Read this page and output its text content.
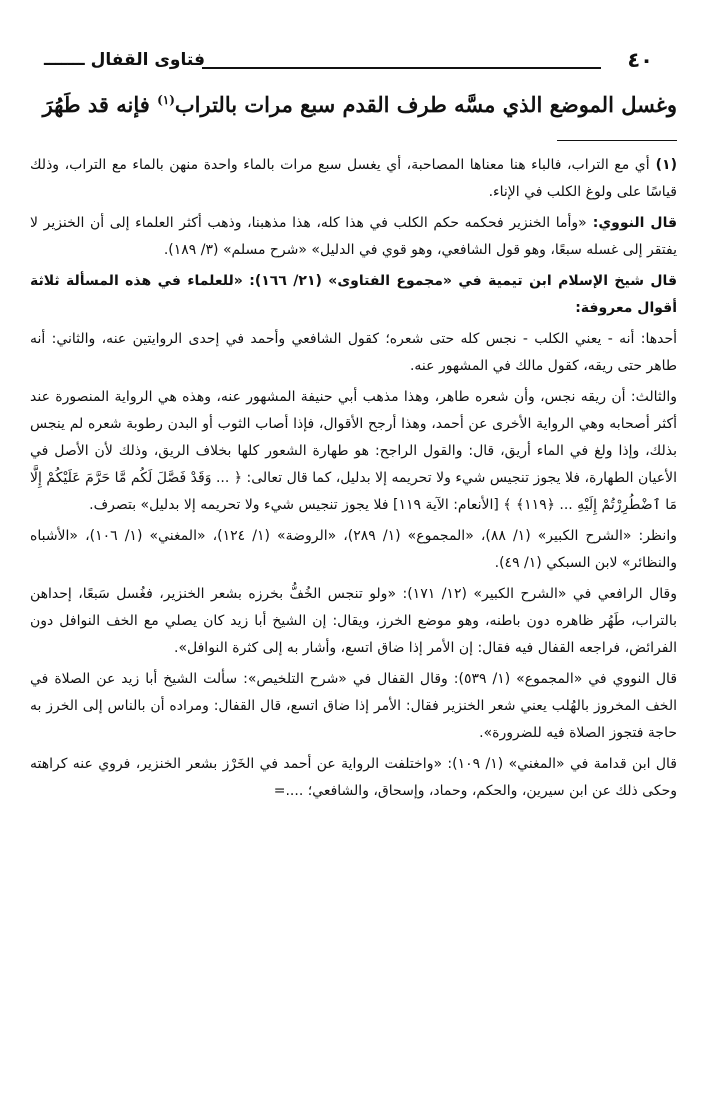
٤٠
فتاوى القفال ـــــــ
وغسل الموضع الذي مسَّه طرف القدم سبع مرات بالتراب$^{(١)}$ فإنه قد طَهُرَ

(١)أي مع التراب، فالباء هنا معناها المصاحبة، أي يغسل سبع مرات بالماء واحدة منهن بالماء مع التراب، وذلك قياسًا على ولوغ الكلب في الإناء.

قال النووي: «وأما الخنزير فحكمه حكم الكلب في هذا كله، هذا مذهبنا، وذهب أكثر العلماء إلى أن الخنزير لا يفتقر إلى غسله سبعًا، وهو قول الشافعي، وهو قوي في الدليل» «شرح مسلم» (٣/ ١٨٩).

قال شيخ الإسلام ابن تيمية في «مجموع الفتاوى» (٢١/ ١٦٦): «للعلماء في هذه المسألة ثلاثة أقوال معروفة:

أحدها: أنه - يعني الكلب - نجس كله حتى شعره؛ كقول الشافعي وأحمد في إحدى الروايتين عنه، والثاني: أنه طاهر حتى ريقه، كقول مالك في المشهور عنه.

والثالث: أن ريقه نجس، وأن شعره طاهر، وهذا مذهب أبي حنيفة المشهور عنه، وهذه هي الرواية المنصورة عند أكثر أصحابه وهي الرواية الأخرى عن أحمد، وهذا أرجح الأقوال، فإذا أصاب الثوب أو البدن رطوبة شعره لم ينجس بذلك، وإذا ولغ في الماء أريق، قال: والقول الراجح: هو طهارة الشعور كلها بخلاف الريق، وذلك لأن الأصل في الأعيان الطهارة، فلا يجوز تنجيس شيء ولا تحريمه إلا بدليل، كما قال تعالى: ﴿ ... وَقَدْ فَصَّلَ لَكُم مَّا حَرَّمَ عَلَيْكُمْ إِلَّا مَا ٱضْطُرِرْتُمْ إِلَيْهِ ... ﴿١١٩﴾ ﴾ [الأنعام: الآية ١١٩] فلا يجوز تنجيس شيء ولا تحريمه إلا بدليل» بتصرف.

وانظر: «الشرح الكبير» (١/ ٨٨)، «المجموع» (١/ ٢٨٩)، «الروضة» (١/ ١٢٤)، «المغني» (١/ ١٠٦)، «الأشباه والنظائر» لابن السبكي (١/ ٤٩).

وقال الرافعي في «الشرح الكبير» (١٢/ ١٧١): «ولو تنجس الخُفُّ بخرزه بشعر الخنزير، فغُسل سَبعًا، إحداهن بالتراب، طَهُر ظاهره دون باطنه، وهو موضع الخرز، ويقال: إن الشيخ أبا زيد كان يصلي مع الخف النوافل دون الفرائض، فراجعه القفال فيه فقال: إن الأمر إذا ضاق اتسع، وأشار به إلى كثرة النوافل».

قال النووي في «المجموع» (١/ ٥٣٩): وقال القفال في «شرح التلخيص»: سألت الشيخ أبا زيد عن الصلاة في الخف المخروز بالهُلب يعني شعر الخنزير فقال: الأمر إذا ضاق اتسع، قال القفال: ومراده أن بالناس إلى الخرز به حاجة فتجوز الصلاة فيه للضرورة».

قال ابن قدامة في «المغني» (١/ ١٠٩): «واختلفت الرواية عن أحمد في الخَرْز بشعر الخنزير، فروي عنه كراهته وحكى ذلك عن ابن سيرين، والحكم، وحماد، وإسحاق، والشافعي؛ ....=
